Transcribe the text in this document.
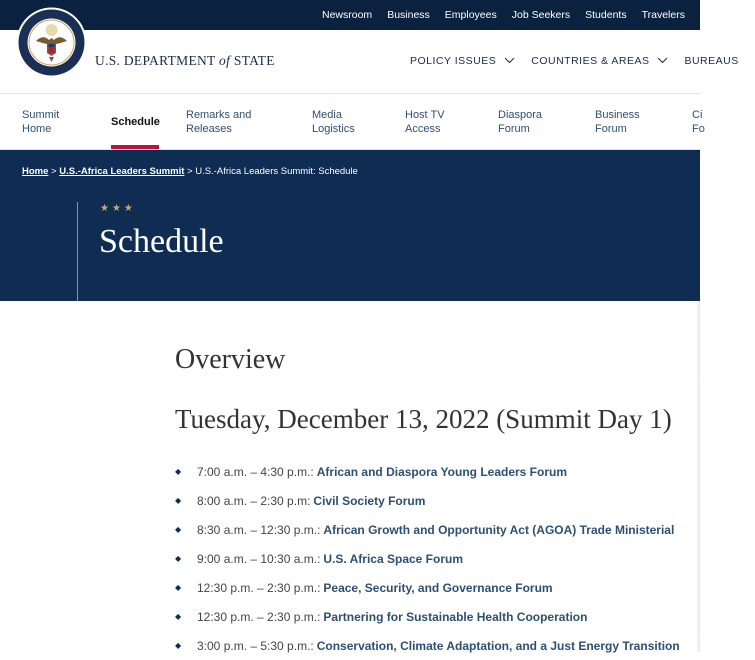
Newsroom Business Employees Job Seekers Students Travelers Visas
U.S. DEPARTMENT of STATE	POLICY ISSUES	COUNTRIES & AREAS	BUREAUS
Summit
Home
Schedule
Remarks and
Releases
Media
Logistics
Host TV
Access
Diaspora
Forum
Business
Forum
Ci
Fo
Home > U.S.-Africa Leaders Summit > U.S.-Africa Leaders Summit: Schedule
★★★
Schedule
Overview
Tuesday, December 13, 2022 (Summit Day 1)
◆	7:00 a.m. – 4:30 p.m.: African and Diaspora Young Leaders Forum
◆	8:00 a.m. – 2:30 p.m: Civil Society Forum
◆	8:30 a.m. – 12:30 p.m.: African Growth and Opportunity Act (AGOA) Trade Ministerial
◆	9:00 a.m. – 10:30 a.m.: U.S. Africa Space Forum
◆	12:30 p.m. – 2:30 p.m.: Peace, Security, and Governance Forum
◆	12:30 p.m. – 2:30 p.m.: Partnering for Sustainable Health Cooperation
◆	3:00 p.m. – 5:30 p.m.: Conservation, Climate Adaptation, and a Just Energy Transition
